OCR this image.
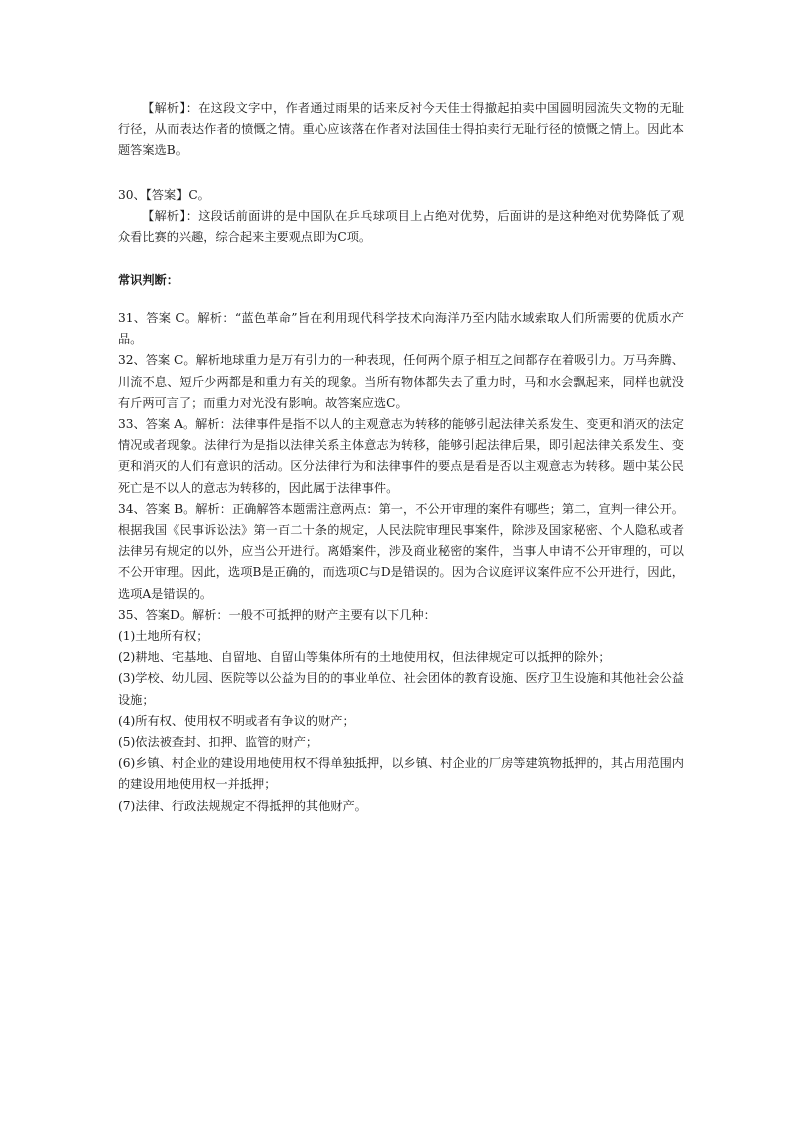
【解析】：在这段文字中，作者通过雨果的话来反衬今天佳士得撤起拍卖中国圆明园流失文物的无耻行径，从而表达作者的愤慨之情。重心应该落在作者对法国佳士得拍卖行无耻行径的愤慨之情上。因此本题答案选B。

30、【答案】C。

【解析】：这段话前面讲的是中国队在乒乓球项目上占绝对优势，后面讲的是这种绝对优势降低了观众看比赛的兴趣，综合起来主要观点即为C项。

常识判断：

31、答案 C。解析：“蓝色革命”旨在利用现代科学技术向海洋乃至内陆水域索取人们所需要的优质水产品。

32、答案 C。解析地球重力是万有引力的一种表现，任何两个原子相互之间都存在着吸引力。万马奔腾、川流不息、短斤少两都是和重力有关的现象。当所有物体都失去了重力时，马和水会飘起来，同样也就没有斤两可言了；而重力对光没有影响。故答案应选C。

33、答案 A。解析：法律事件是指不以人的主观意志为转移的能够引起法律关系发生、变更和消灭的法定情况或者现象。法律行为是指以法律关系主体意志为转移，能够引起法律后果，即引起法律关系发生、变更和消灭的人们有意识的活动。区分法律行为和法律事件的要点是看是否以主观意志为转移。题中某公民死亡是不以人的意志为转移的，因此属于法律事件。

34、答案 B。解析：正确解答本题需注意两点：第一，不公开审理的案件有哪些；第二，宣判一律公开。根据我国《民事诉讼法》第一百二十条的规定，人民法院审理民事案件，除涉及国家秘密、个人隐私或者法律另有规定的以外，应当公开进行。离婚案件，涉及商业秘密的案件，当事人申请不公开审理的，可以不公开审理。因此，选项B是正确的，而选项C与D是错误的。因为合议庭评议案件应不公开进行，因此，选项A是错误的。

35、答案D。解析：一般不可抵押的财产主要有以下几种：

(1)土地所有权；

(2)耕地、宅基地、自留地、自留山等集体所有的土地使用权，但法律规定可以抵押的除外；

(3)学校、幼儿园、医院等以公益为目的的事业单位、社会团体的教育设施、医疗卫生设施和其他社会公益设施；

(4)所有权、使用权不明或者有争议的财产；

(5)依法被查封、扣押、监管的财产；

(6)乡镇、村企业的建设用地使用权不得单独抵押，以乡镇、村企业的厂房等建筑物抵押的，其占用范围内的建设用地使用权一并抵押；

(7)法律、行政法规规定不得抵押的其他财产。
